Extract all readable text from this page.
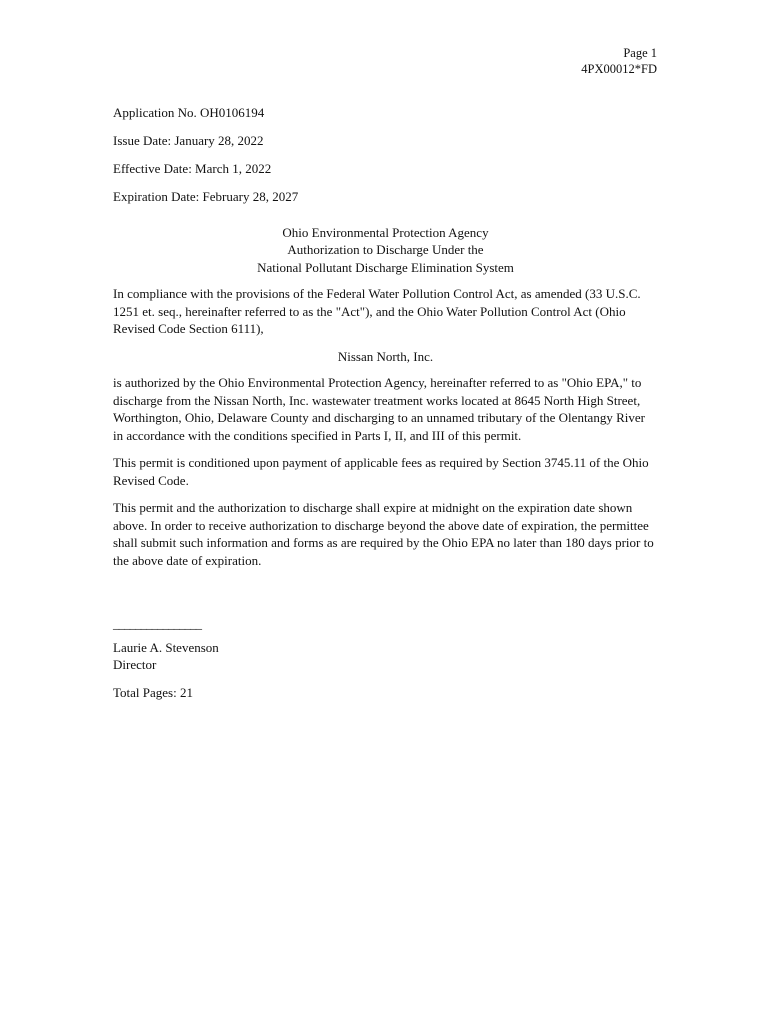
Page 1
4PX00012*FD
Application No. OH0106194
Issue Date: January 28, 2022
Effective Date: March 1, 2022
Expiration Date: February 28, 2027
Ohio Environmental Protection Agency
Authorization to Discharge Under the
National Pollutant Discharge Elimination System

In compliance with the provisions of the Federal Water Pollution Control Act, as amended (33 U.S.C. 1251 et. seq., hereinafter referred to as the "Act"), and the Ohio Water Pollution Control Act (Ohio Revised Code Section 6111),

Nissan North, Inc.

is authorized by the Ohio Environmental Protection Agency, hereinafter referred to as "Ohio EPA," to discharge from the Nissan North, Inc. wastewater treatment works located at 8645 North High Street, Worthington, Ohio, Delaware County and discharging to an unnamed tributary of the Olentangy River in accordance with the conditions specified in Parts I, II, and III of this permit.

This permit is conditioned upon payment of applicable fees as required by Section 3745.11 of the Ohio Revised Code.

This permit and the authorization to discharge shall expire at midnight on the expiration date shown above. In order to receive authorization to discharge beyond the above date of expiration, the permittee shall submit such information and forms as are required by the Ohio EPA no later than 180 days prior to the above date of expiration.

________________
Laurie A. Stevenson
Director
Total Pages: 21
